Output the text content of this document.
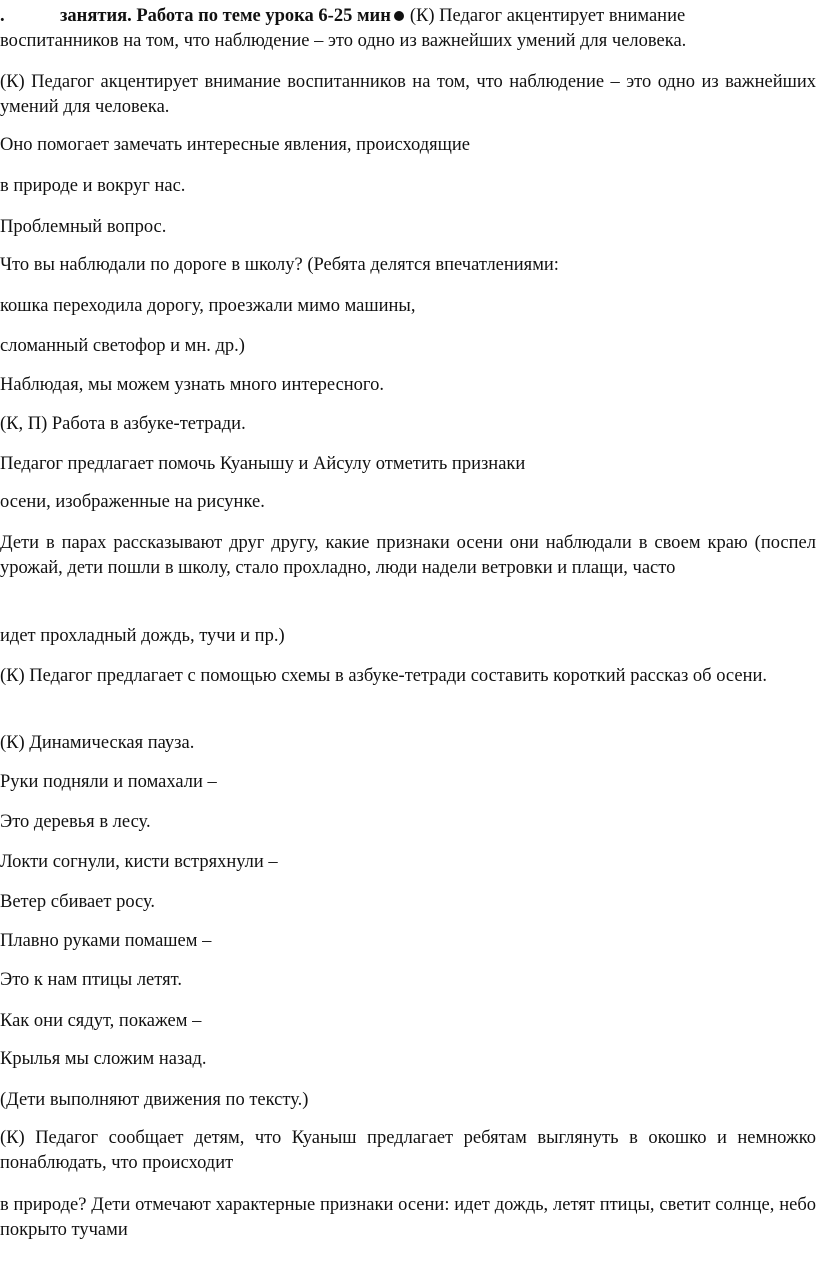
.	занятия. Работа по теме урока 6-25 мин (К) Педагог акцентирует внимание
воспитанников на том, что наблюдение – это одно из важнейших умений для человека.
(К) Педагог акцентирует внимание воспитанников на том, что наблюдение – это одно из важнейших умений для человека.
Оно помогает замечать интересные явления, происходящие
в природе и вокруг нас.
Проблемный вопрос.
Что вы наблюдали по дороге в школу? (Ребята делятся впечатлениями:
кошка переходила дорогу, проезжали мимо машины,
сломанный светофор и мн. др.)
Наблюдая, мы можем узнать много интересного.
(К, П) Работа в азбуке-тетради.
Педагог предлагает помочь Куанышу и Айсулу отметить признаки
осени, изображенные на рисунке.
Дети в парах рассказывают друг другу, какие признаки осени они наблюдали в своем краю (поспел урожай, дети пошли в школу, стало прохладно, люди надели ветровки и плащи, часто
идет прохладный дождь, тучи и пр.)
(К) Педагог предлагает с помощью схемы в азбуке-тетради составить короткий рассказ об осени.
(К) Динамическая пауза.
Руки подняли и помахали –
Это деревья в лесу.
Локти согнули, кисти встряхнули –
Ветер сбивает росу.
Плавно руками помашем –
Это к нам птицы летят.
Как они сядут, покажем –
Крылья мы сложим назад.
(Дети выполняют движения по тексту.)
(К) Педагог сообщает детям, что Куаныш предлагает ребятам выглянуть в окошко и немножко понаблюдать, что происходит
в природе? Дети отмечают характерные признаки осени: идет дождь, летят птицы, светит солнце, небо покрыто тучами
